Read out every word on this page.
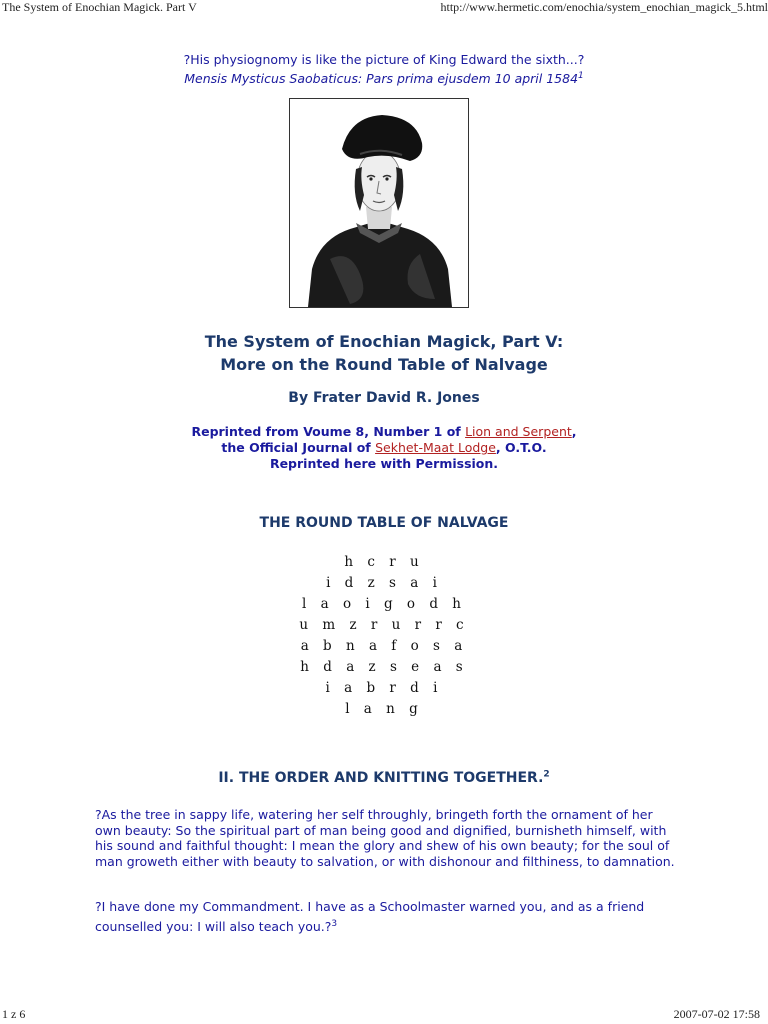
The System of Enochian Magick. Part V	http://www.hermetic.com/enochia/system_enochian_magick_5.html
?His physiognomy is like the picture of King Edward the sixth...?
Mensis Mysticus Saobaticus: Pars prima ejusdem 10 april 1584$^1$
The System of Enochian Magick, Part V:
More on the Round Table of Nalvage
By Frater David R. Jones
Reprinted from Voume 8, Number 1 of Lion and Serpent,
the Official Journal of Sekhet-Maat Lodge, O.T.O.
Reprinted here with Permission.
THE ROUND TABLE OF NALVAGE
h c r u
i d z s a i
l a o i g o d h
u m z r u r r c
a b n a f o s a
h d a z s e a s
i a b r d i
l a n g
II. THE ORDER AND KNITTING TOGETHER.$^2$
?As the tree in sappy life, watering her self throughly, bringeth forth the ornament of her own beauty: So the spiritual part of man being good and dignified, burnisheth himself, with his sound and faithful thought: I mean the glory and shew of his own beauty; for the soul of man groweth either with beauty to salvation, or with dishonour and filthiness, to damnation.
?I have done my Commandment. I have as a Schoolmaster warned you, and as a friend counselled you: I will also teach you.?$^3$
1 z 6	2007-07-02 17:58
